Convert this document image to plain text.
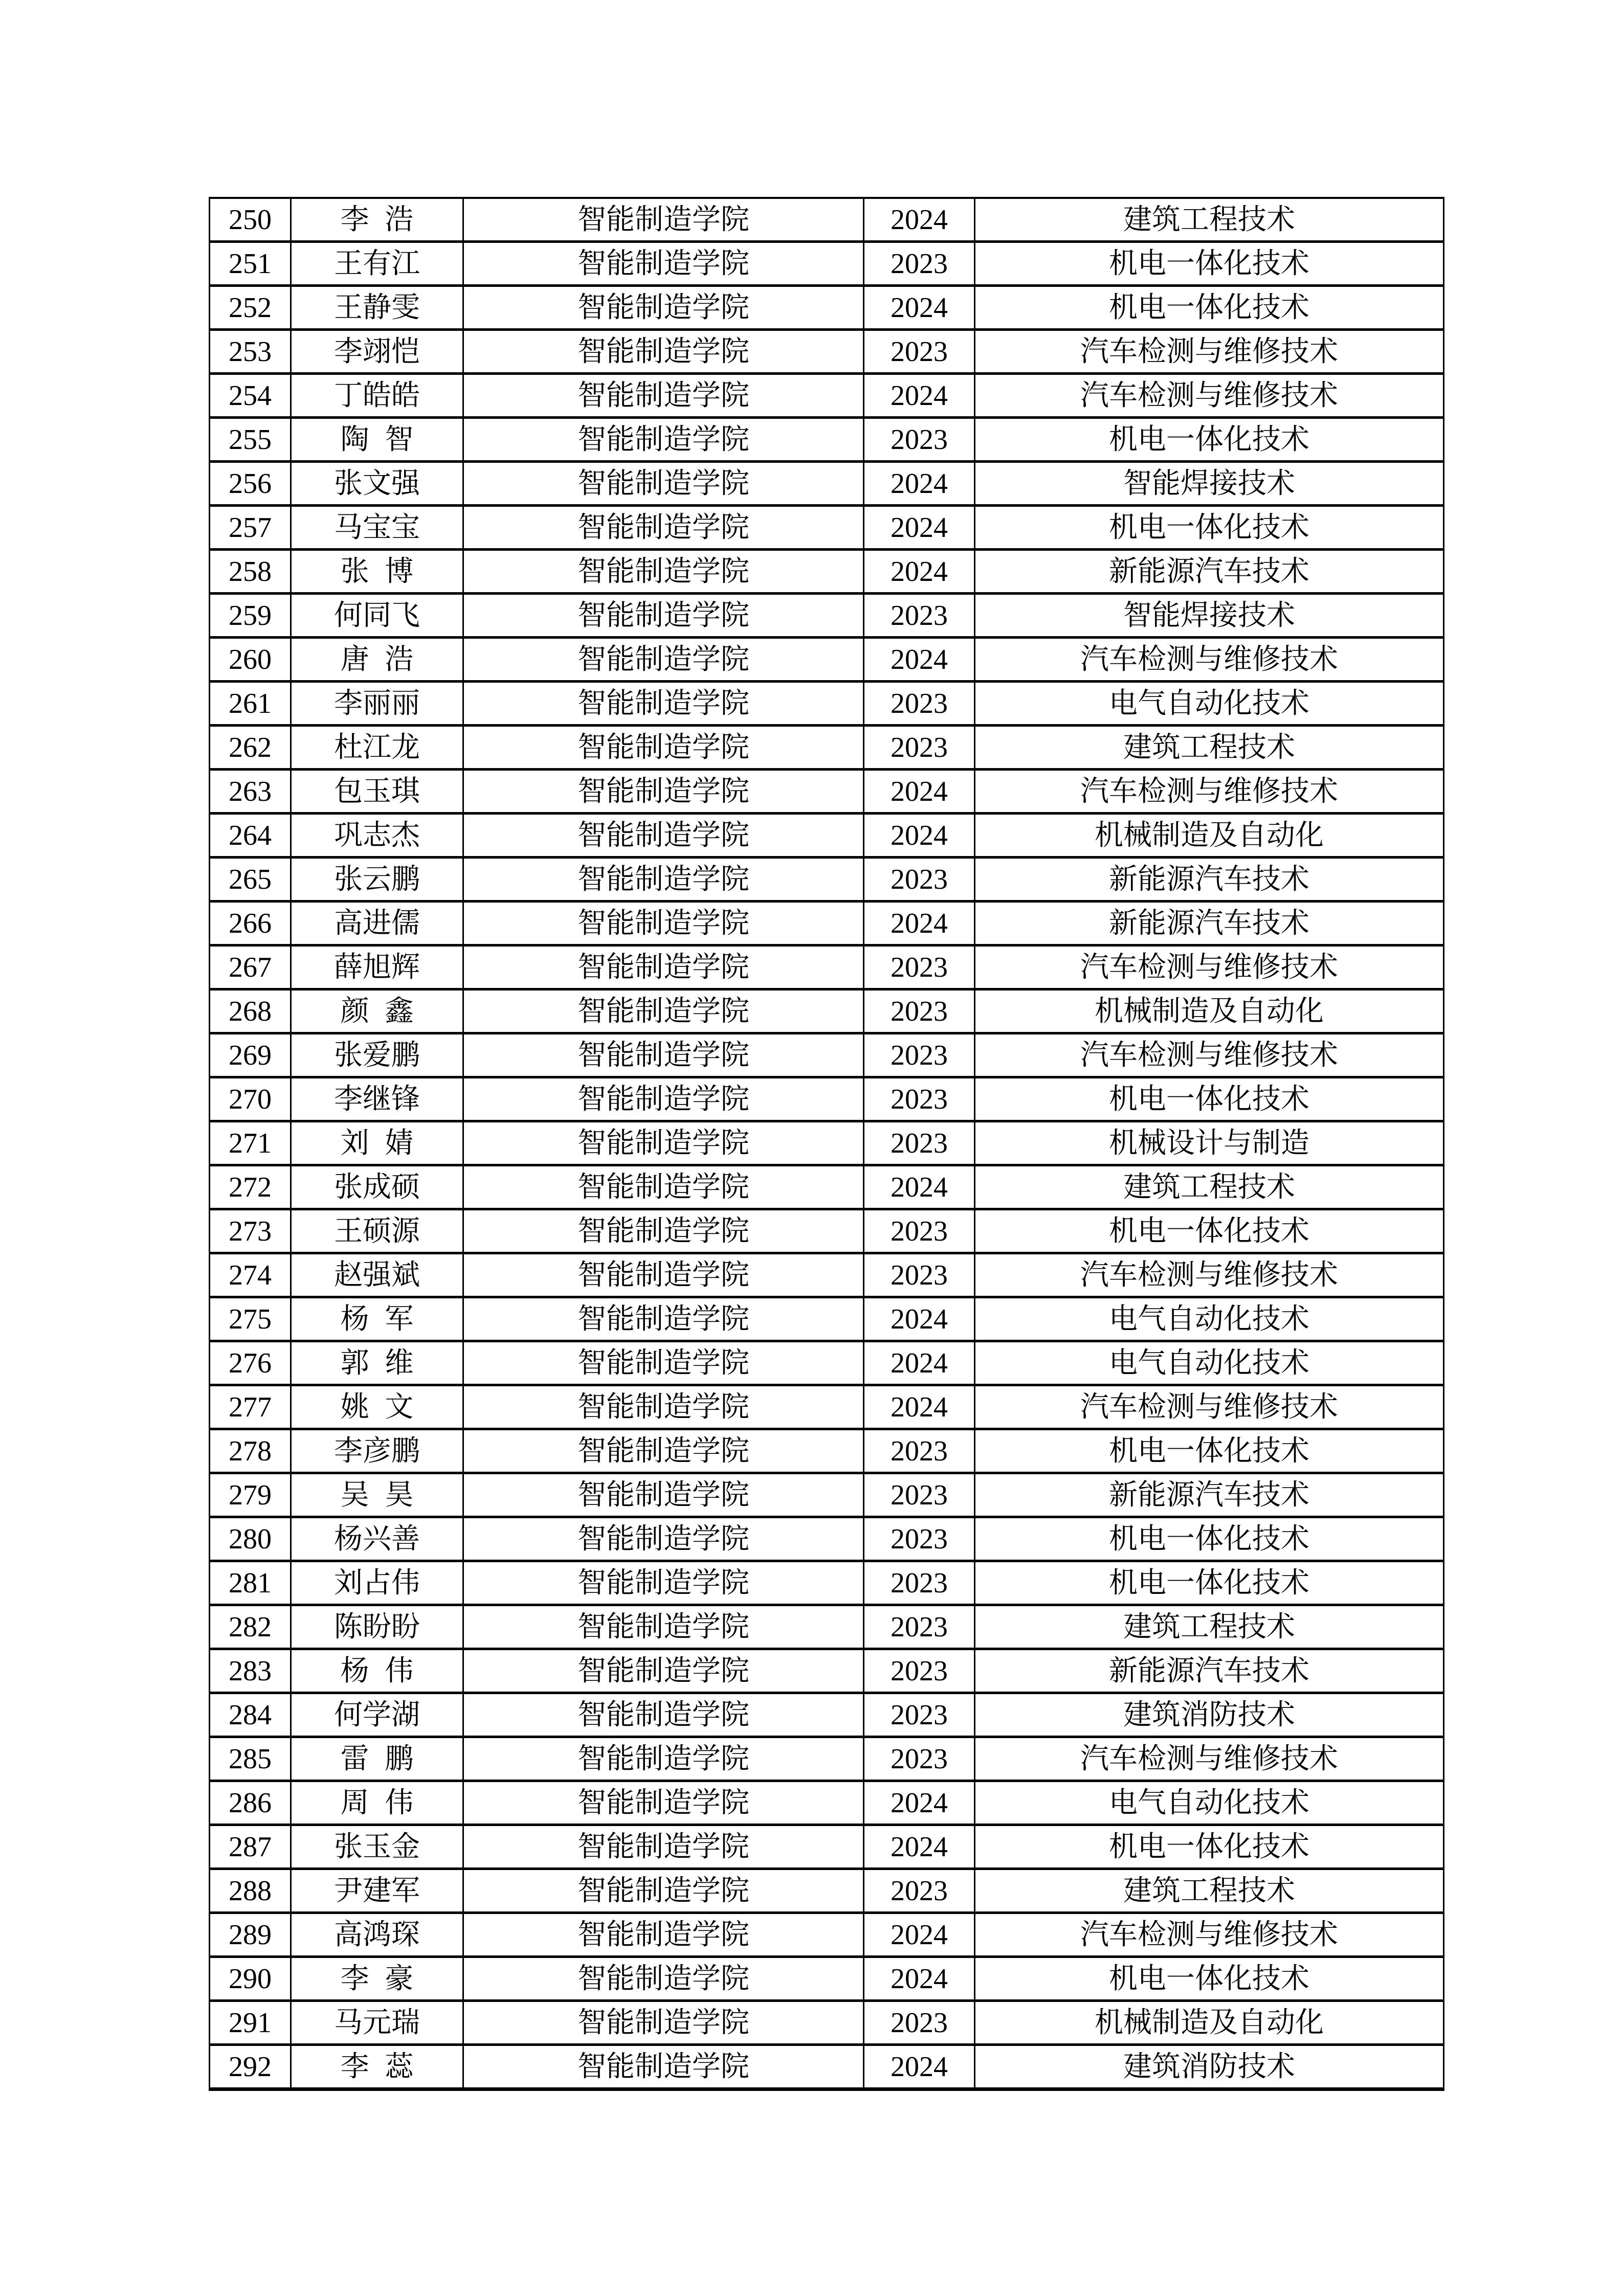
250	李浩	智能制造学院	2024	建筑工程技术
251	王有江	智能制造学院	2023	机电一体化技术
252	王静雯	智能制造学院	2024	机电一体化技术
253	李翊恺	智能制造学院	2023	汽车检测与维修技术
254	丁皓皓	智能制造学院	2024	汽车检测与维修技术
255	陶智	智能制造学院	2023	机电一体化技术
256	张文强	智能制造学院	2024	智能焊接技术
257	马宝宝	智能制造学院	2024	机电一体化技术
258	张博	智能制造学院	2024	新能源汽车技术
259	何同飞	智能制造学院	2023	智能焊接技术
260	唐浩	智能制造学院	2024	汽车检测与维修技术
261	李丽丽	智能制造学院	2023	电气自动化技术
262	杜江龙	智能制造学院	2023	建筑工程技术
263	包玉琪	智能制造学院	2024	汽车检测与维修技术
264	巩志杰	智能制造学院	2024	机械制造及自动化
265	张云鹏	智能制造学院	2023	新能源汽车技术
266	高进儒	智能制造学院	2024	新能源汽车技术
267	薛旭辉	智能制造学院	2023	汽车检测与维修技术
268	颜鑫	智能制造学院	2023	机械制造及自动化
269	张爱鹏	智能制造学院	2023	汽车检测与维修技术
270	李继锋	智能制造学院	2023	机电一体化技术
271	刘婧	智能制造学院	2023	机械设计与制造
272	张成硕	智能制造学院	2024	建筑工程技术
273	王硕源	智能制造学院	2023	机电一体化技术
274	赵强斌	智能制造学院	2023	汽车检测与维修技术
275	杨军	智能制造学院	2024	电气自动化技术
276	郭维	智能制造学院	2024	电气自动化技术
277	姚文	智能制造学院	2024	汽车检测与维修技术
278	李彦鹏	智能制造学院	2023	机电一体化技术
279	吴昊	智能制造学院	2023	新能源汽车技术
280	杨兴善	智能制造学院	2023	机电一体化技术
281	刘占伟	智能制造学院	2023	机电一体化技术
282	陈盼盼	智能制造学院	2023	建筑工程技术
283	杨伟	智能制造学院	2023	新能源汽车技术
284	何学湖	智能制造学院	2023	建筑消防技术
285	雷鹏	智能制造学院	2023	汽车检测与维修技术
286	周伟	智能制造学院	2024	电气自动化技术
287	张玉金	智能制造学院	2024	机电一体化技术
288	尹建军	智能制造学院	2023	建筑工程技术
289	高鸿琛	智能制造学院	2024	汽车检测与维修技术
290	李豪	智能制造学院	2024	机电一体化技术
291	马元瑞	智能制造学院	2023	机械制造及自动化
292	李蕊	智能制造学院	2024	建筑消防技术
